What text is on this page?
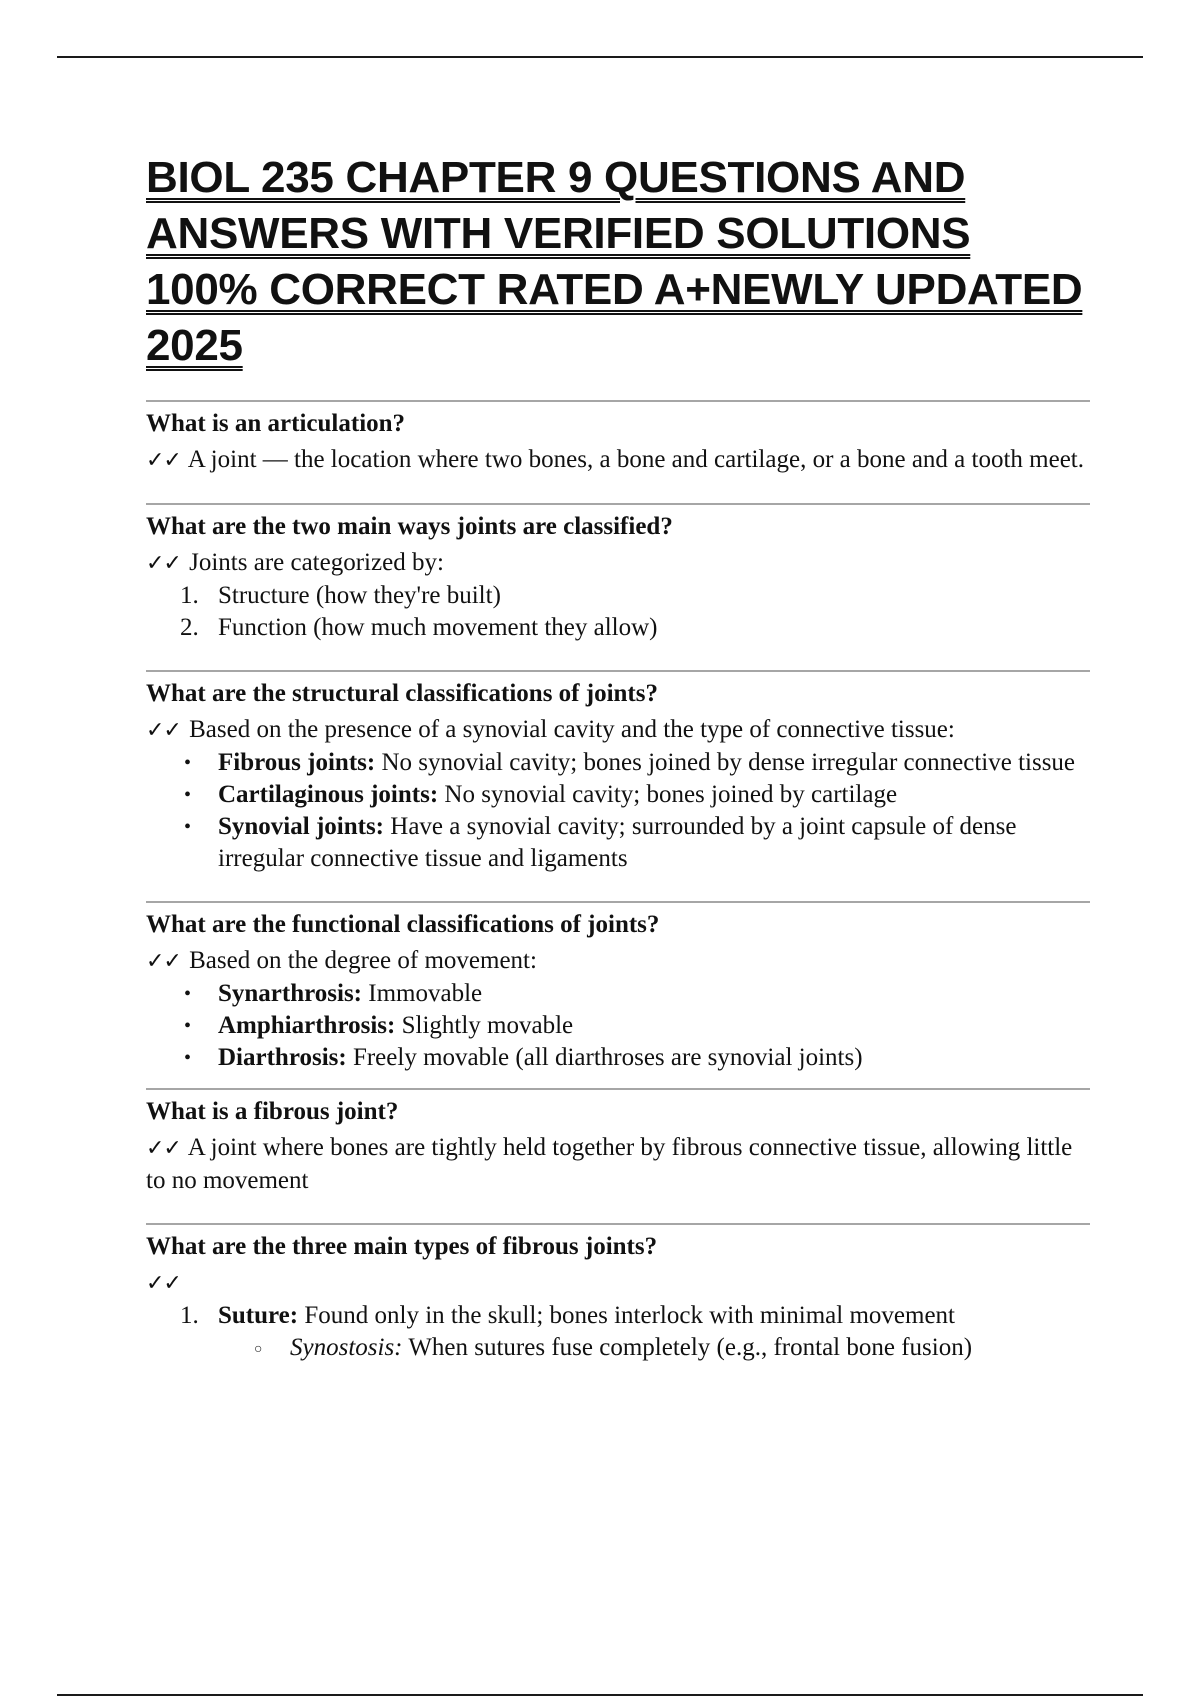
BIOL 235 CHAPTER 9 QUESTIONS AND ANSWERS WITH VERIFIED SOLUTIONS 100% CORRECT RATED A+NEWLY UPDATED 2025

What is an articulation?

✓✓ A joint — the location where two bones, a bone and cartilage, or a bone and a tooth meet.

What are the two main ways joints are classified?

✓✓ Joints are categorized by:

1. Structure (how they're built)
2. Function (how much movement they allow)

What are the structural classifications of joints?

✓✓ Based on the presence of a synovial cavity and the type of connective tissue:

• Fibrous joints: No synovial cavity; bones joined by dense irregular connective tissue
• Cartilaginous joints: No synovial cavity; bones joined by cartilage
• Synovial joints: Have a synovial cavity; surrounded by a joint capsule of dense irregular connective tissue and ligaments

What are the functional classifications of joints?

✓✓ Based on the degree of movement:

• Synarthrosis: Immovable
• Amphiarthrosis: Slightly movable
• Diarthrosis: Freely movable (all diarthroses are synovial joints)

What is a fibrous joint?

✓✓ A joint where bones are tightly held together by fibrous connective tissue, allowing little to no movement

What are the three main types of fibrous joints?

✓✓

1. Suture: Found only in the skull; bones interlock with minimal movement
○ Synostosis: When sutures fuse completely (e.g., frontal bone fusion)
